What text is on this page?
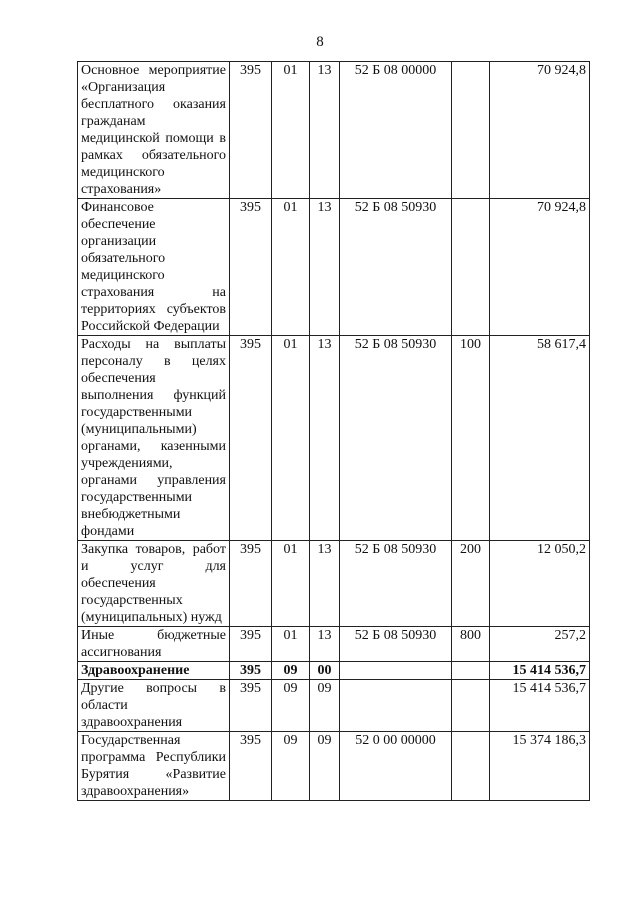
8
Основное мероприятие «Организация бесплатного оказания гражданам медицинской помощи в рамках обязательного медицинского страхования»	395	01	13	52 Б 08 00000		70 924,8
Финансовое обеспечение организации обязательного медицинского страхования на территориях субъектов Российской Федерации	395	01	13	52 Б 08 50930		70 924,8
Расходы на выплаты персоналу в целях обеспечения выполнения функций государственными (муниципальными) органами, казенными учреждениями, органами управления государственными внебюджетными фондами	395	01	13	52 Б 08 50930	100	58 617,4
Закупка товаров, работ и услуг для обеспечения государственных (муниципальных) нужд	395	01	13	52 Б 08 50930	200	12 050,2
Иные бюджетные ассигнования	395	01	13	52 Б 08 50930	800	257,2
Здравоохранение	395	09	00			15 414 536,7
Другие вопросы в области здравоохранения	395	09	09			15 414 536,7
Государственная программа Республики Бурятия «Развитие здравоохранения»	395	09	09	52 0 00 00000		15 374 186,3
